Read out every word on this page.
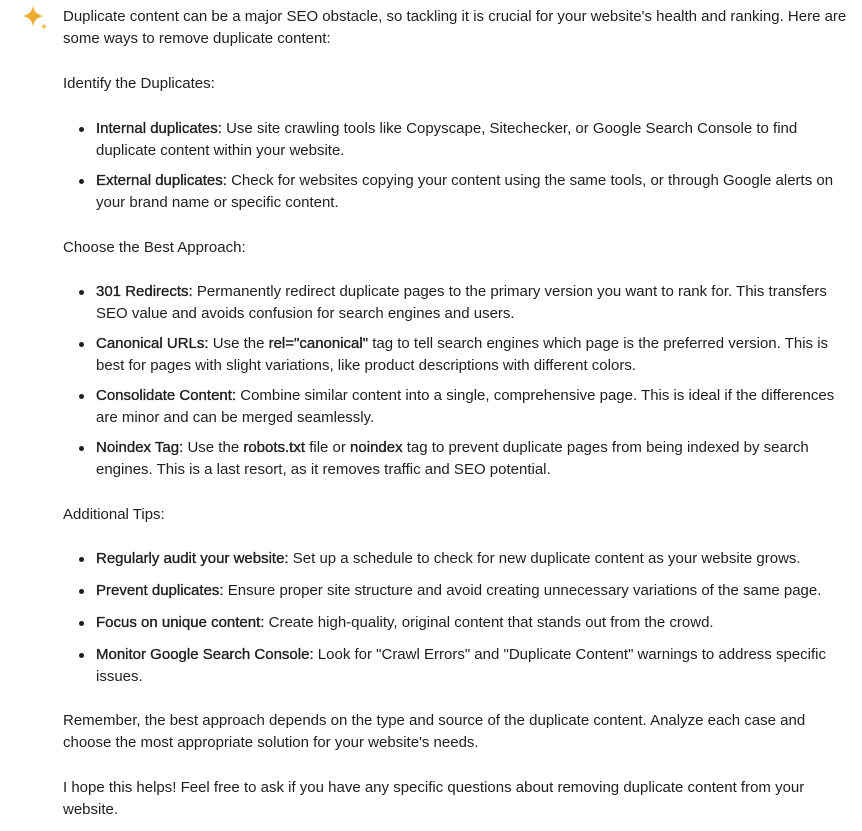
Duplicate content can be a major SEO obstacle, so tackling it is crucial for your website's health and ranking. Here are some ways to remove duplicate content:

Identify the Duplicates:

Internal duplicates: Use site crawling tools like Copyscape, Sitechecker, or Google Search Console to find duplicate content within your website.
External duplicates: Check for websites copying your content using the same tools, or through Google alerts on your brand name or specific content.

Choose the Best Approach:

301 Redirects: Permanently redirect duplicate pages to the primary version you want to rank for. This transfers SEO value and avoids confusion for search engines and users.
Canonical URLs: Use the rel="canonical" tag to tell search engines which page is the preferred version. This is best for pages with slight variations, like product descriptions with different colors.
Consolidate Content: Combine similar content into a single, comprehensive page. This is ideal if the differences are minor and can be merged seamlessly.
Noindex Tag: Use the robots.txt file or noindex tag to prevent duplicate pages from being indexed by search engines. This is a last resort, as it removes traffic and SEO potential.

Additional Tips:

Regularly audit your website: Set up a schedule to check for new duplicate content as your website grows.
Prevent duplicates: Ensure proper site structure and avoid creating unnecessary variations of the same page.
Focus on unique content: Create high-quality, original content that stands out from the crowd.
Monitor Google Search Console: Look for "Crawl Errors" and "Duplicate Content" warnings to address specific issues.

Remember, the best approach depends on the type and source of the duplicate content. Analyze each case and choose the most appropriate solution for your website's needs.

I hope this helps! Feel free to ask if you have any specific questions about removing duplicate content from your website.
